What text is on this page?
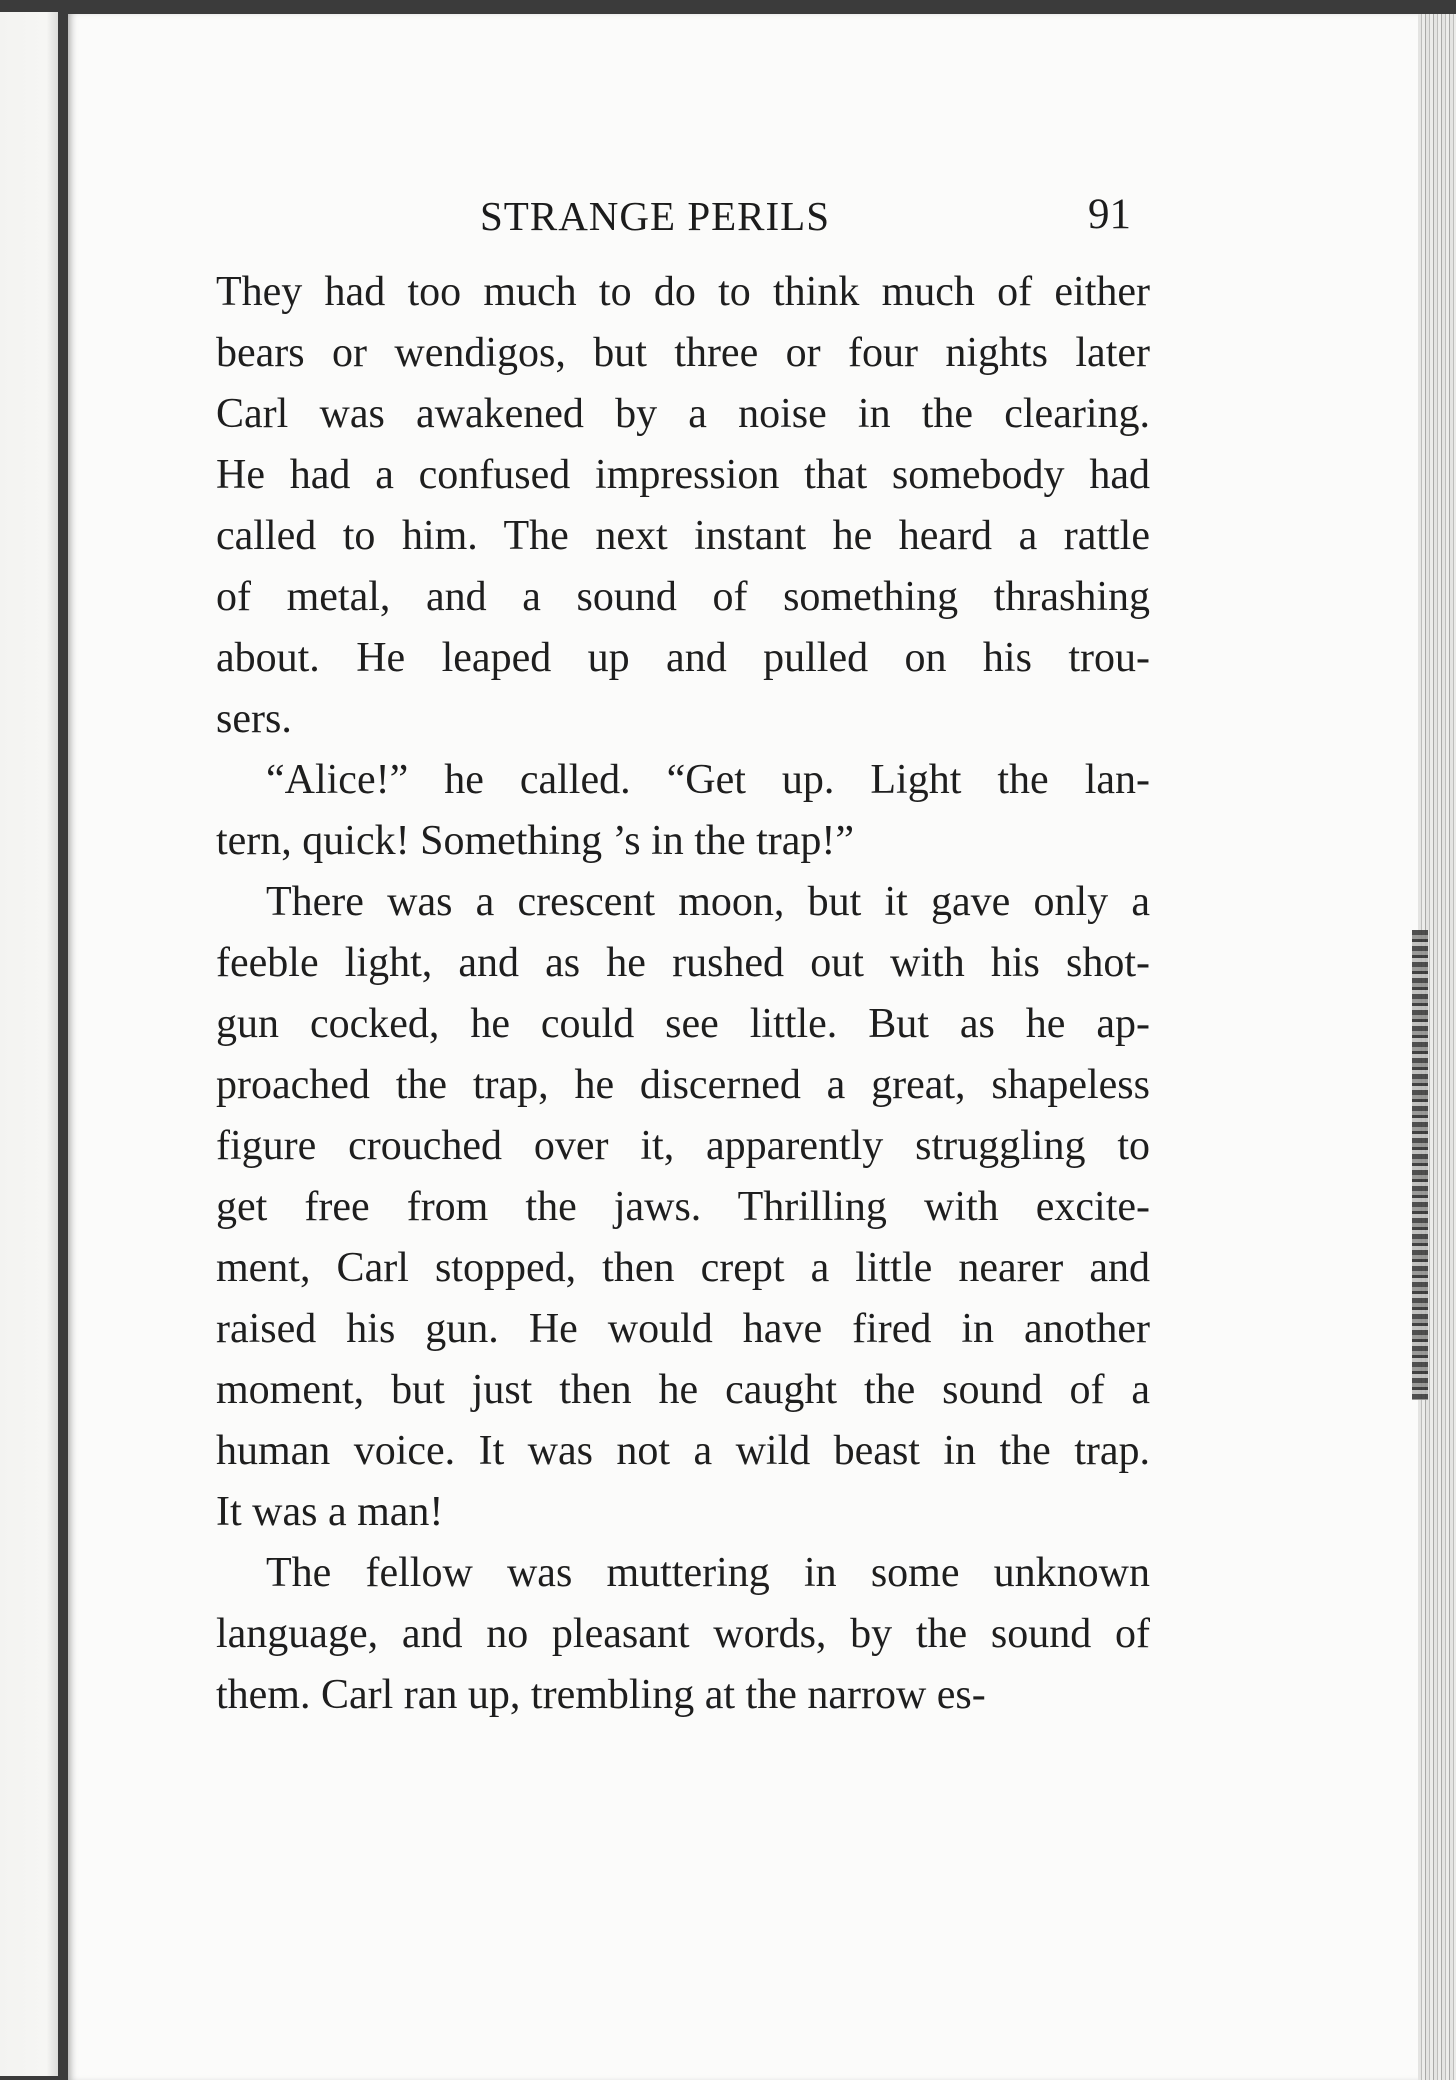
STRANGE PERILS	91
They had too much to do to think much of either
bears or wendigos, but three or four nights later
Carl was awakened by a noise in the clearing.
He had a confused impression that somebody had
called to him. The next instant he heard a rattle
of metal, and a sound of something thrashing
about. He leaped up and pulled on his trou-
sers.
“Alice!” he called. “Get up. Light the lan-
tern, quick! Something ’s in the trap!”
There was a crescent moon, but it gave only a
feeble light, and as he rushed out with his shot-
gun cocked, he could see little. But as he ap-
proached the trap, he discerned a great, shapeless
figure crouched over it, apparently struggling to
get free from the jaws. Thrilling with excite-
ment, Carl stopped, then crept a little nearer and
raised his gun. He would have fired in another
moment, but just then he caught the sound of a
human voice. It was not a wild beast in the trap.
It was a man!
The fellow was muttering in some unknown
language, and no pleasant words, by the sound of
them. Carl ran up, trembling at the narrow es-
